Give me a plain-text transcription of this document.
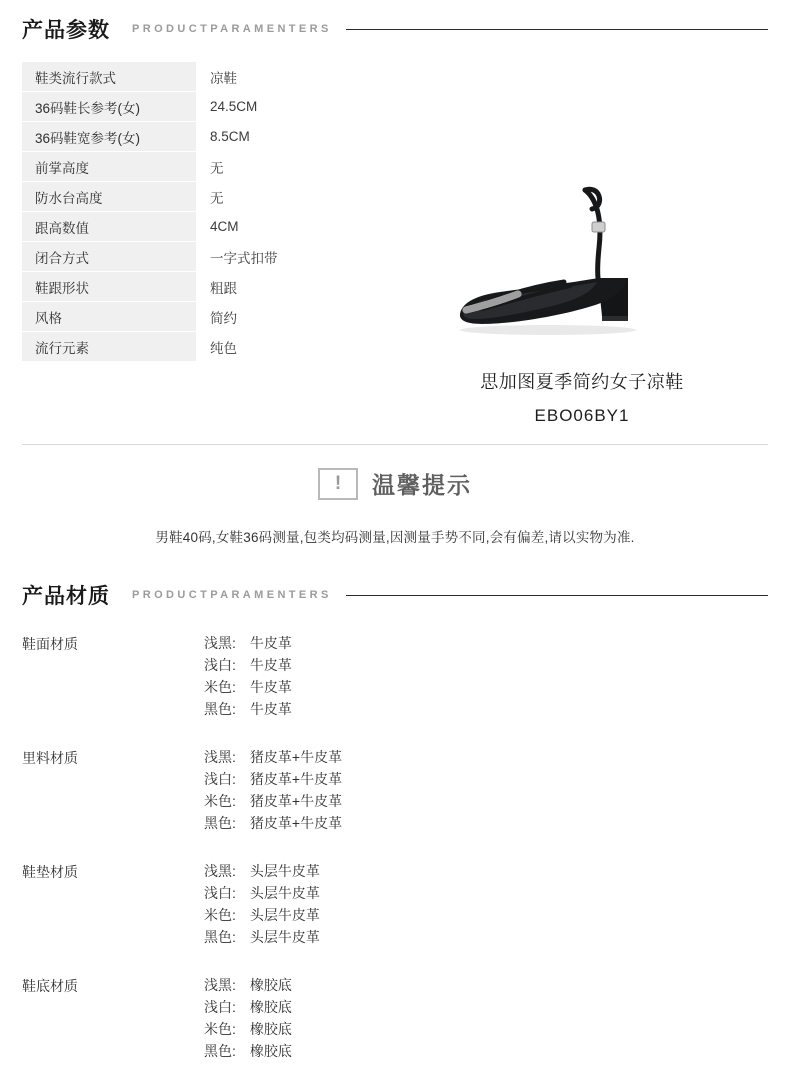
产品参数 PRODUCTPARAMENTERS
鞋类流行款式	凉鞋
36码鞋长参考(女)	24.5CM
36码鞋宽参考(女)	8.5CM
前掌高度	无
防水台高度	无
跟高数值	4CM
闭合方式	一字式扣带
鞋跟形状	粗跟
风格	简约
流行元素	纯色
思加图夏季简约女子凉鞋
EBO06BY1
! 温馨提示
男鞋40码,女鞋36码测量,包类均码测量,因测量手势不同,会有偏差,请以实物为准.
产品材质 PRODUCTPARAMENTERS
鞋面材质	浅黑: 牛皮革
浅白: 牛皮革
米色: 牛皮革
黑色: 牛皮革
里料材质	浅黑: 猪皮革+牛皮革
浅白: 猪皮革+牛皮革
米色: 猪皮革+牛皮革
黑色: 猪皮革+牛皮革
鞋垫材质	浅黑: 头层牛皮革
浅白: 头层牛皮革
米色: 头层牛皮革
黑色: 头层牛皮革
鞋底材质	浅黑: 橡胶底
浅白: 橡胶底
米色: 橡胶底
黑色: 橡胶底
